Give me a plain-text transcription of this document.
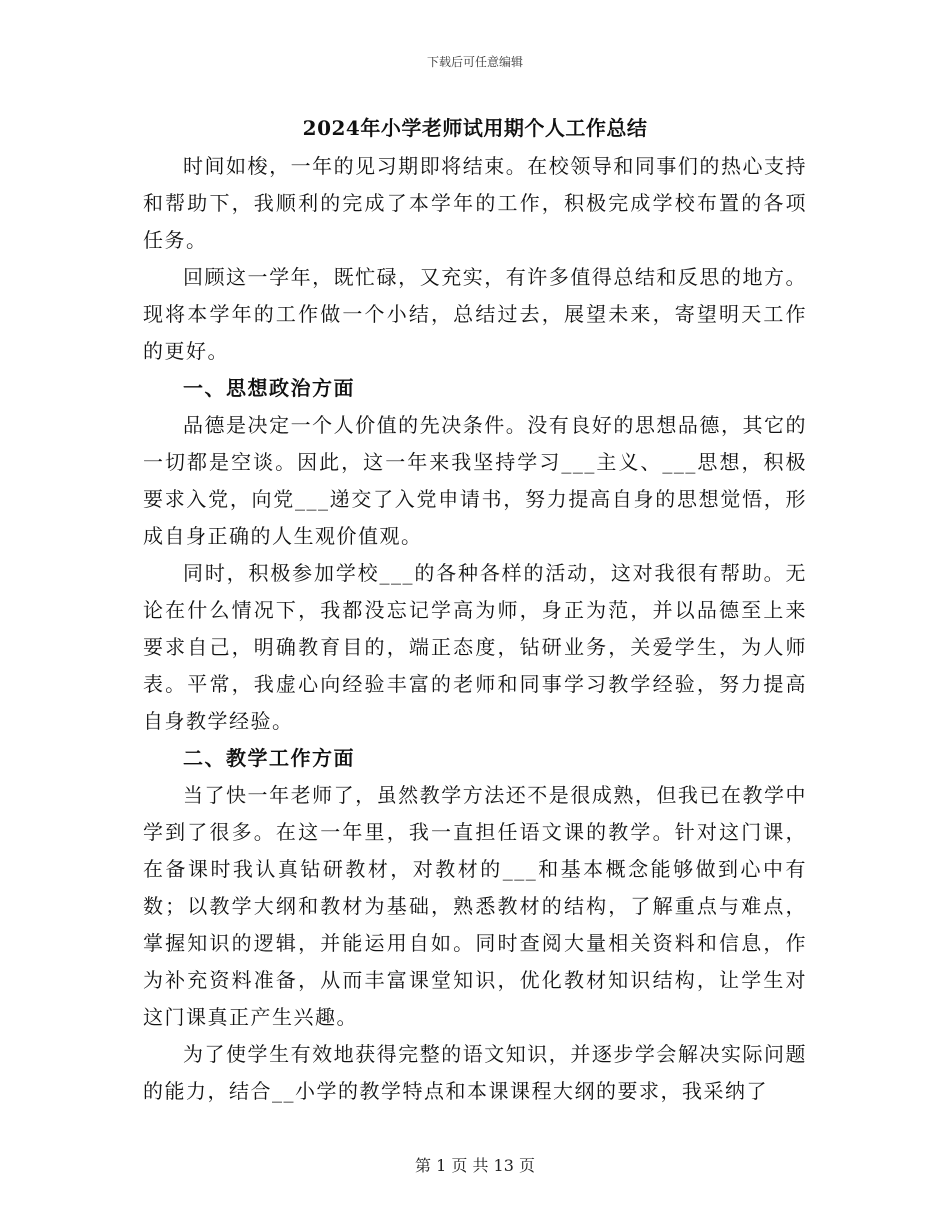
下载后可任意编辑
2024年小学老师试用期个人工作总结

时间如梭，一年的见习期即将结束。在校领导和同事们的热心支持和帮助下，我顺利的完成了本学年的工作，积极完成学校布置的各项任务。

回顾这一学年，既忙碌，又充实，有许多值得总结和反思的地方。现将本学年的工作做一个小结，总结过去，展望未来，寄望明天工作的更好。

一、思想政治方面

品德是决定一个人价值的先决条件。没有良好的思想品德，其它的一切都是空谈。因此，这一年来我坚持学习___主义、___思想，积极要求入党，向党___递交了入党申请书，努力提高自身的思想觉悟，形成自身正确的人生观价值观。

同时，积极参加学校___的各种各样的活动，这对我很有帮助。无论在什么情况下，我都没忘记学高为师，身正为范，并以品德至上来要求自己，明确教育目的，端正态度，钻研业务，关爱学生，为人师表。平常，我虚心向经验丰富的老师和同事学习教学经验，努力提高自身教学经验。

二、教学工作方面

当了快一年老师了，虽然教学方法还不是很成熟，但我已在教学中学到了很多。在这一年里，我一直担任语文课的教学。针对这门课，在备课时我认真钻研教材，对教材的___和基本概念能够做到心中有数；以教学大纲和教材为基础，熟悉教材的结构，了解重点与难点，掌握知识的逻辑，并能运用自如。同时查阅大量相关资料和信息，作为补充资料准备，从而丰富课堂知识，优化教材知识结构，让学生对这门课真正产生兴趣。

为了使学生有效地获得完整的语文知识，并逐步学会解决实际问题的能力，结合__小学的教学特点和本课课程大纲的要求，我采纳了

第 1 页 共 13 页
